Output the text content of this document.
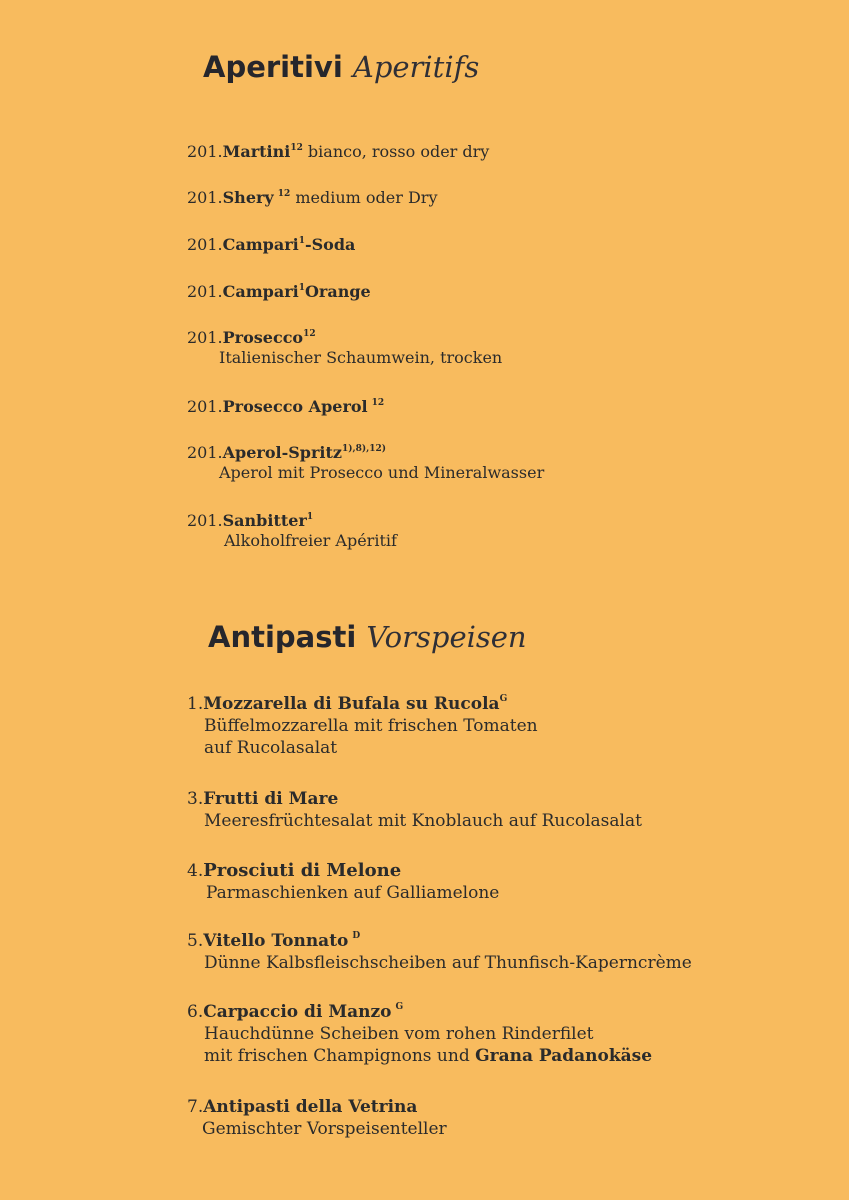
Aperitivi Aperitifs
201.Martini$^{12}$ bianco, rosso oder dry
201.Shery $^{12}$ medium oder Dry
201.Campari$^1$-Soda
201.Campari$^1$Orange
201.Prosecco$^{12}$
Italienischer Schaumwein, trocken
201.Prosecco Aperol $^{12}$
201.Aperol-Spritz$^{1),8),12)}$
Aperol mit Prosecco und Mineralwasser
201.Sanbitter$^1$
Alkoholfreier Apéritif
Antipasti Vorspeisen
1.Mozzarella di Bufala su Rucola$^G$
Büffelmozzarella mit frischen Tomaten
auf Rucolasalat
3.Frutti di Mare
Meeresfrüchtesalat mit Knoblauch auf Rucolasalat
4.Prosciuti di Melone
Parmaschienken auf Galliamelone
5.Vitello Tonnato $^D$
Dünne Kalbsfleischscheiben auf Thunfisch-Kaperncrème
6.Carpaccio di Manzo $^G$
Hauchdünne Scheiben vom rohen Rinderfilet
mit frischen Champignons und Grana Padanokäse
7.Antipasti della Vetrina
Gemischter Vorspeisenteller
